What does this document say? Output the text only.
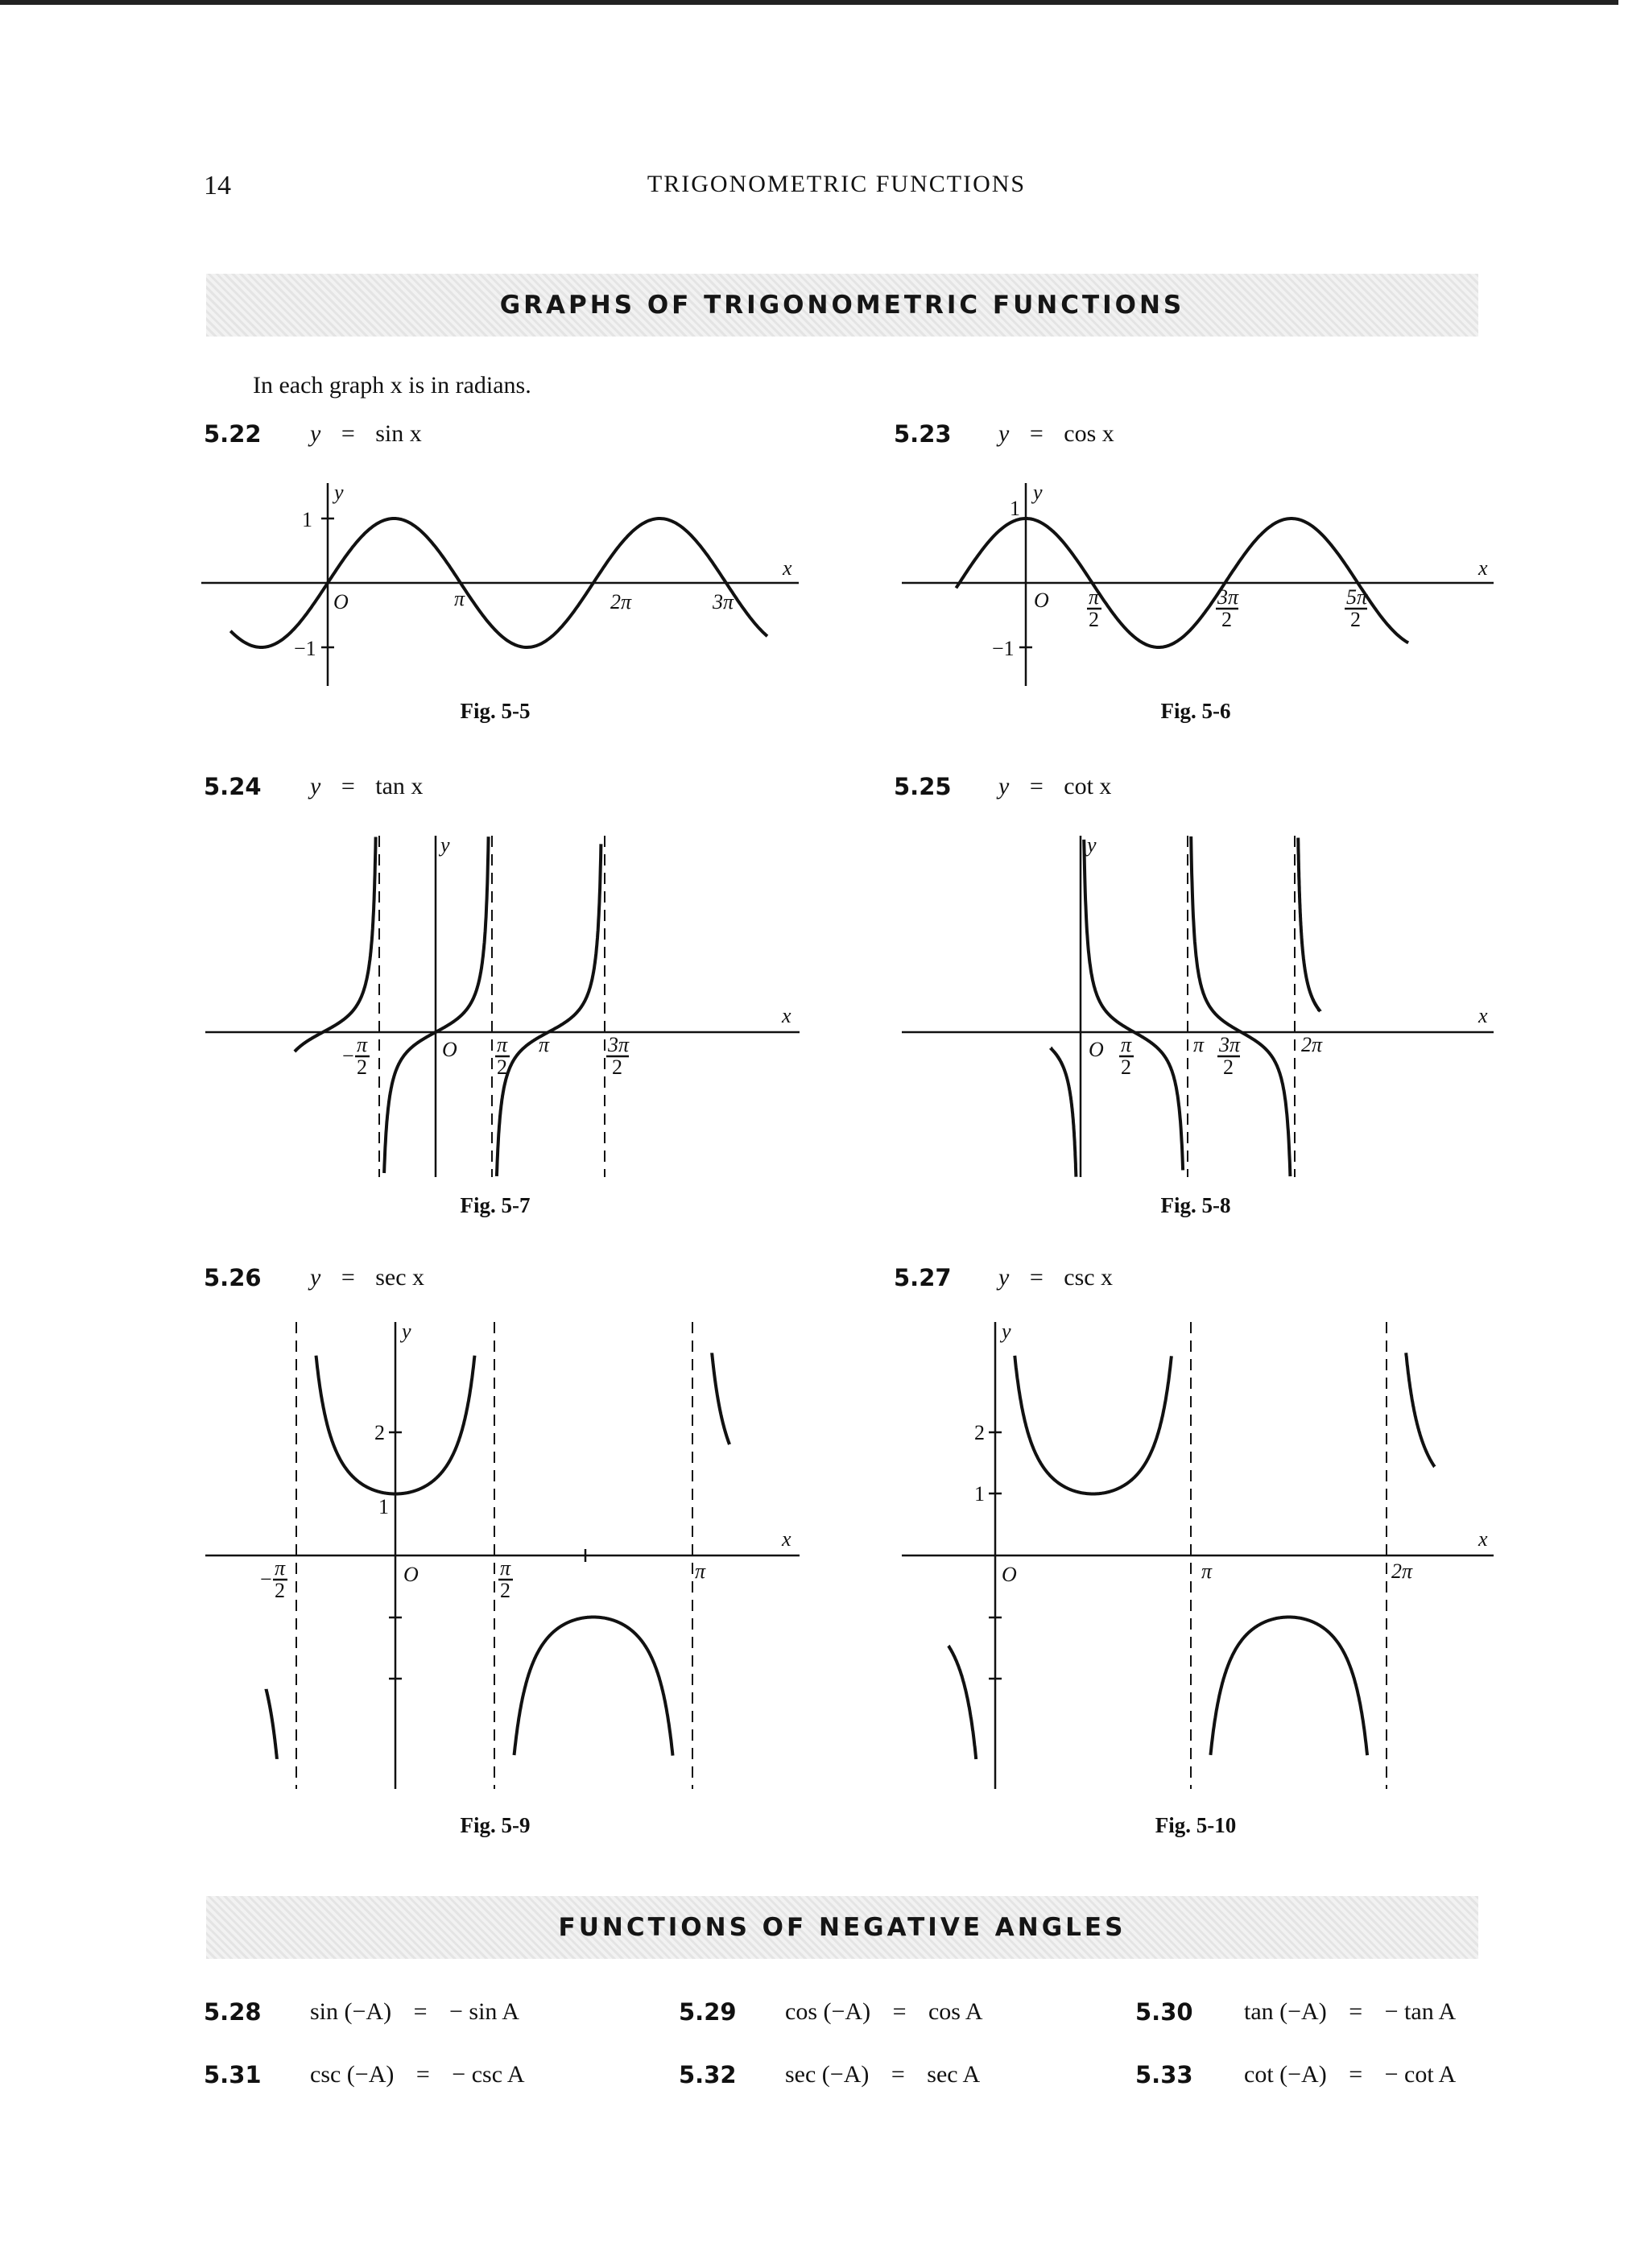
14	TRIGONOMETRIC FUNCTIONS
GRAPHS OF TRIGONOMETRIC FUNCTIONS
In each graph x is in radians.
5.22 y = sin x
y
x
1
−1
O	π	2π	3π
Fig. 5-5
5.23 y = cos x
y
x
1
−1
O π
2
3π
2
5π
2
Fig. 5-6
5.24 y = tan x
y
x
O
− π
2
π
2
π	3π
2
Fig. 5-7
5.25 y = cot x
y
x
O π
2
π 3π
2
2π
Fig. 5-8
5.26 y = sec x
y
x
2
1
O
− π
2
π
2
π
Fig. 5-9
5.27 y = csc x
y
x
2
1
O	π	2π
Fig. 5-10
FUNCTIONS OF NEGATIVE ANGLES
5.28 sin (−A) = − sin A	5.29 cos (−A) = cos A	5.30 tan (−A) = − tan A
5.31 csc (−A) = − csc A	5.32 sec (−A) = sec A	5.33 cot (−A) = − cot A
